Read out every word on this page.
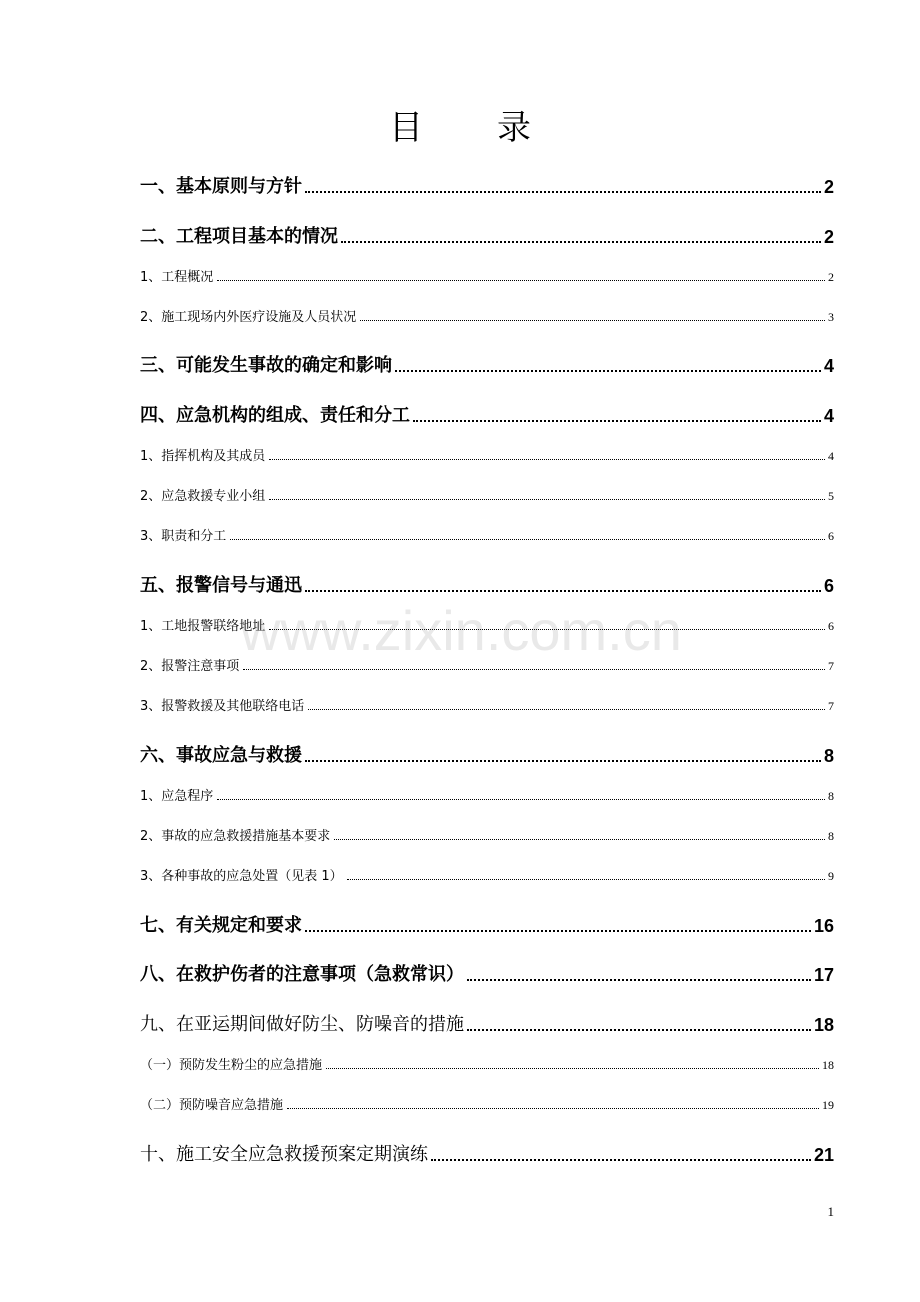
目 录
一、基本原则与方针	2
二、工程项目基本的情况	2
1、工程概况	2
2、施工现场内外医疗设施及人员状况	3
三、可能发生事故的确定和影响	4
四、应急机构的组成、责任和分工	4
1、指挥机构及其成员	4
2、应急救援专业小组	5
3、职责和分工	6
五、报警信号与通迅	6
1、工地报警联络地址	6
2、报警注意事项	7
3、报警救援及其他联络电话	7
六、事故应急与救援	8
1、应急程序	8
2、事故的应急救援措施基本要求	8
3、各种事故的应急处置（见表 1）	9
七、有关规定和要求	16
八、在救护伤者的注意事项（急救常识）	17
九、在亚运期间做好防尘、防噪音的措施	18
（一）预防发生粉尘的应急措施	18
（二）预防噪音应急措施	19
十、施工安全应急救援预案定期演练	21
www.zixin.com.cn
1
